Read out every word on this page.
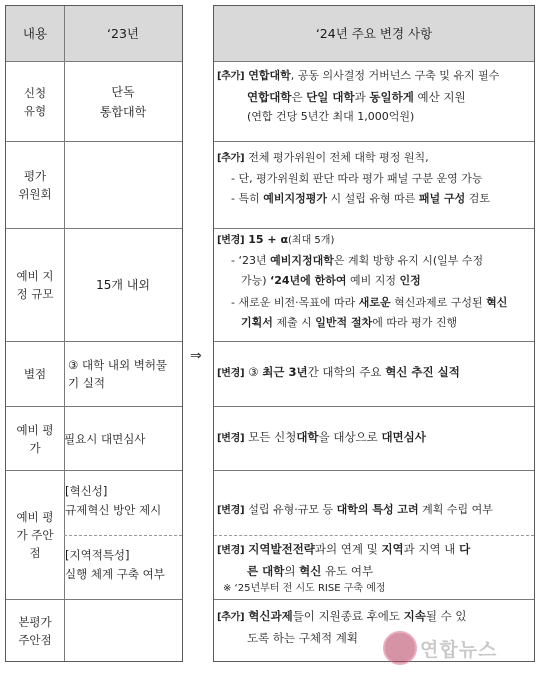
내용	‘23년
신청
유형
단독
통합대학
평가
위원회
예비 지
정 규모
15개 내외
별점
③ 대학 내외 벽허물
기 실적
예비 평
가
필요시 대면심사
예비 평
가 주안
점
[혁신성]
규제혁신 방안 제시
[지역적특성]
실행 체계 구축 여부
본평가
주안점
⇒
‘24년 주요 변경 사항
[추가] 연합대학, 공동 의사결정 거버넌스 구축 및 유지 필수
연합대학은 단일 대학과 동일하게 예산 지원
(연합 건당 5년간 최대 1,000억원)
[추가] 전체 평가위원이 전체 대학 평정 원칙,
- 단, 평가위원회 판단 따라 평가 패널 구분 운영 가능
- 특히 예비지정평가 시 설립 유형 따른 패널 구성 검토
[변경] 15 + α(최대 5개)
- ‘23년 예비지정대학은 계획 방향 유지 시(일부 수정
가능) ‘24년에 한하여 예비 지정 인정
- 새로운 비전·목표에 따라 새로운 혁신과제로 구성된 혁신
기획서 제출 시 일반적 절차에 따라 평가 진행
[변경] ③ 최근 3년간 대학의 주요 혁신 추진 실적
[변경] 모든 신청대학을 대상으로 대면심사
[변경] 설립 유형·규모 등 대학의 특성 고려 계획 수립 여부
[변경] 지역발전전략과의 연계 및 지역과 지역 내 다
른 대학의 혁신 유도 여부
※ ‘25년부터 전 시도 RISE 구축 예정
[추가] 혁신과제들이 지원종료 후에도 지속될 수 있
도록 하는 구체적 계획
연합뉴스
